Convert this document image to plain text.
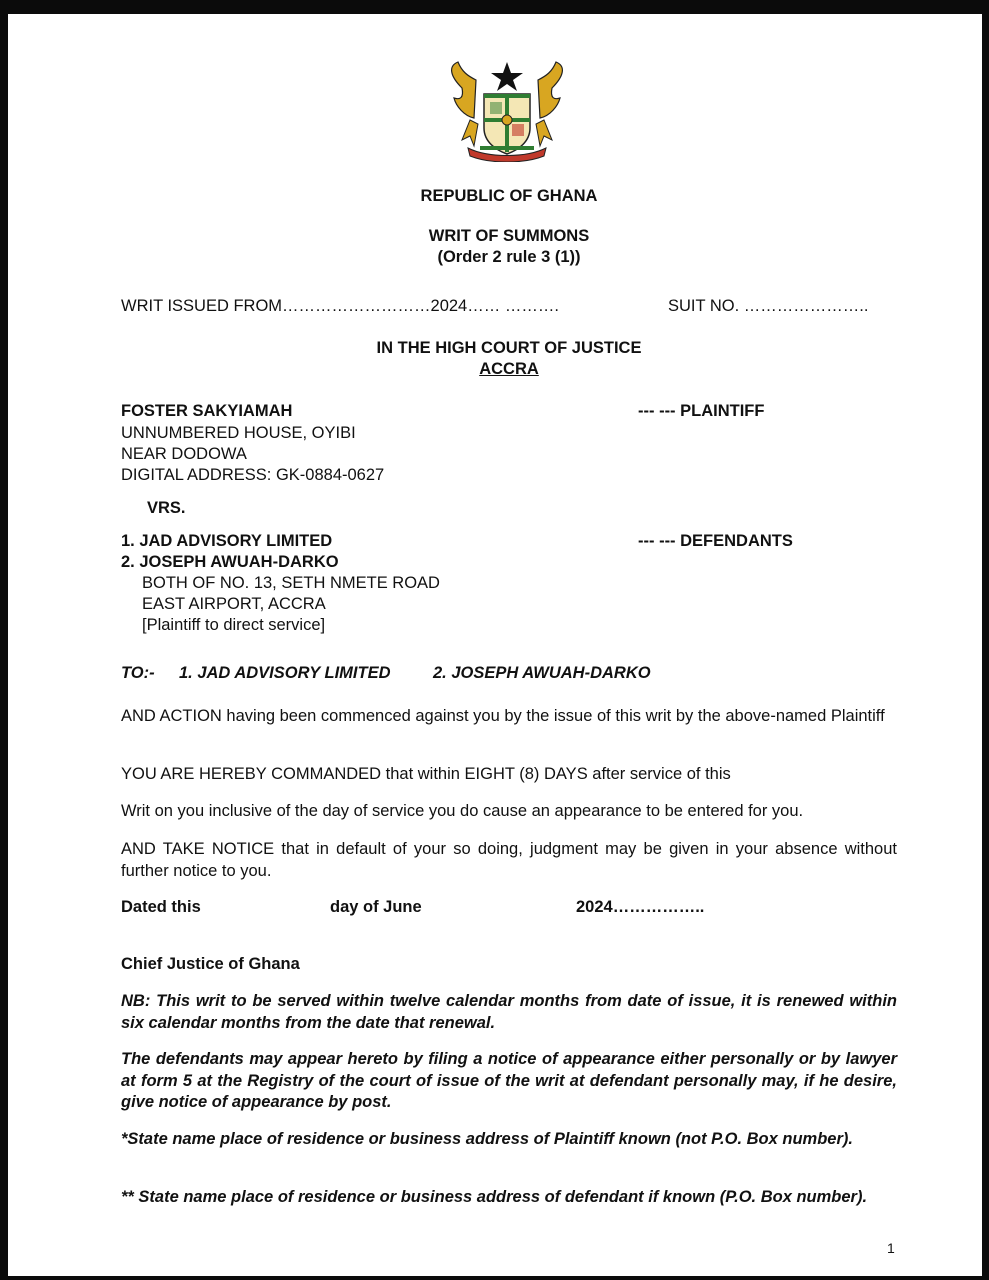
REPUBLIC OF GHANA
WRIT OF SUMMONS
(Order 2 rule 3 (1))
WRIT ISSUED FROM………………………2024…… ……….	SUIT NO. …………………..
IN THE HIGH COURT OF JUSTICE
ACCRA
FOSTER SAKYIAMAH	--- --- PLAINTIFF
UNNUMBERED HOUSE, OYIBI
NEAR DODOWA
DIGITAL ADDRESS: GK-0884-0627
VRS.
1. JAD ADVISORY LIMITED	--- --- DEFENDANTS
2. JOSEPH AWUAH-DARKO
BOTH OF NO. 13, SETH NMETE ROAD
EAST AIRPORT, ACCRA
[Plaintiff to direct service]
TO:- 1. JAD ADVISORY LIMITED	2. JOSEPH AWUAH-DARKO
AND ACTION having been commenced against you by the issue of this writ by the above-named Plaintiff
YOU ARE HEREBY COMMANDED that within EIGHT (8) DAYS after service of this
Writ on you inclusive of the day of service you do cause an appearance to be entered for you.
AND TAKE NOTICE that in default of your so doing, judgment may be given in your absence without further notice to you.
Dated this	day of June	2024……………..
Chief Justice of Ghana
NB: This writ to be served within twelve calendar months from date of issue, it is renewed within six calendar months from the date that renewal.
The defendants may appear hereto by filing a notice of appearance either personally or by lawyer at form 5 at the Registry of the court of issue of the writ at defendant personally may, if he desire, give notice of appearance by post.
*State name place of residence or business address of Plaintiff known (not P.O. Box number).
** State name place of residence or business address of defendant if known (P.O. Box number).
1
